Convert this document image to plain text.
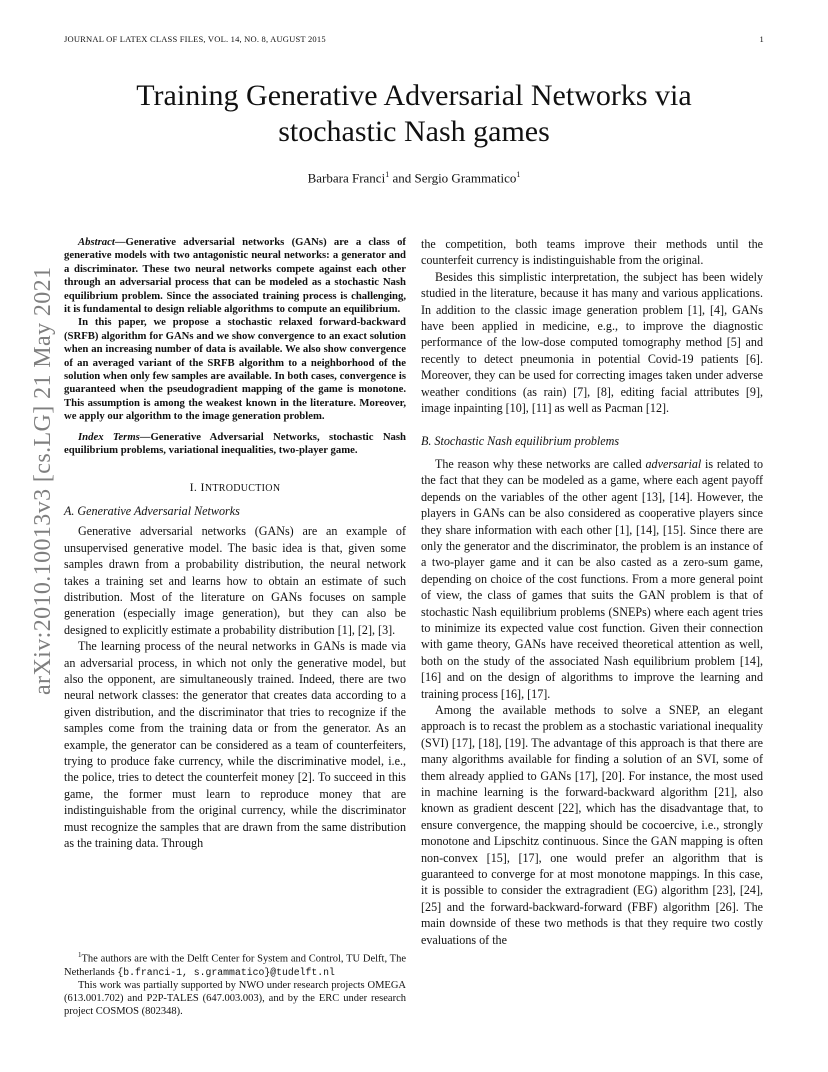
JOURNAL OF LATEX CLASS FILES, VOL. 14, NO. 8, AUGUST 2015	1
arXiv:2010.10013v3 [cs.LG] 21 May 2021
Training Generative Adversarial Networks via
stochastic Nash games
Barbara Franci$^1$ and Sergio Grammatico$^1$

Abstract—Generative adversarial networks (GANs) are a class of generative models with two antagonistic neural networks: a generator and a discriminator. These two neural networks compete against each other through an adversarial process that can be modeled as a stochastic Nash equilibrium problem. Since the associated training process is challenging, it is fundamental to design reliable algorithms to compute an equilibrium.

In this paper, we propose a stochastic relaxed forward-backward (SRFB) algorithm for GANs and we show convergence to an exact solution when an increasing number of data is available. We also show convergence of an averaged variant of the SRFB algorithm to a neighborhood of the solution when only few samples are available. In both cases, convergence is guaranteed when the pseudogradient mapping of the game is monotone. This assumption is among the weakest known in the literature. Moreover, we apply our algorithm to the image generation problem.

Index Terms—Generative Adversarial Networks, stochastic Nash equilibrium problems, variational inequalities, two-player game.

I. INTRODUCTION
A. Generative Adversarial Networks

Generative adversarial networks (GANs) are an example of unsupervised generative model. The basic idea is that, given some samples drawn from a probability distribution, the neural network takes a training set and learns how to obtain an estimate of such distribution. Most of the literature on GANs focuses on sample generation (especially image generation), but they can also be designed to explicitly estimate a probability distribution [1], [2], [3].

The learning process of the neural networks in GANs is made via an adversarial process, in which not only the generative model, but also the opponent, are simultaneously trained. Indeed, there are two neural network classes: the generator that creates data according to a given distribution, and the discriminator that tries to recognize if the samples come from the training data or from the generator. As an example, the generator can be considered as a team of counterfeiters, trying to produce fake currency, while the discriminative model, i.e., the police, tries to detect the counterfeit money [2]. To succeed in this game, the former must learn to reproduce money that are indistinguishable from the original currency, while the discriminator must recognize the samples that are drawn from the same distribution as the training data. Through

$^1$The authors are with the Delft Center for System and Control, TU Delft, The Netherlands {b.franci-1, s.grammatico}@tudelft.nl

This work was partially supported by NWO under research projects OMEGA (613.001.702) and P2P-TALES (647.003.003), and by the ERC under research project COSMOS (802348).

the competition, both teams improve their methods until the counterfeit currency is indistinguishable from the original.

Besides this simplistic interpretation, the subject has been widely studied in the literature, because it has many and various applications. In addition to the classic image generation problem [1], [4], GANs have been applied in medicine, e.g., to improve the diagnostic performance of the low-dose computed tomography method [5] and recently to detect pneumonia in potential Covid-19 patients [6]. Moreover, they can be used for correcting images taken under adverse weather conditions (as rain) [7], [8], editing facial attributes [9], image inpainting [10], [11] as well as Pacman [12].

B. Stochastic Nash equilibrium problems

The reason why these networks are called adversarial is related to the fact that they can be modeled as a game, where each agent payoff depends on the variables of the other agent [13], [14]. However, the players in GANs can be also considered as cooperative players since they share information with each other [1], [14], [15]. Since there are only the generator and the discriminator, the problem is an instance of a two-player game and it can be also casted as a zero-sum game, depending on choice of the cost functions. From a more general point of view, the class of games that suits the GAN problem is that of stochastic Nash equilibrium problems (SNEPs) where each agent tries to minimize its expected value cost function. Given their connection with game theory, GANs have received theoretical attention as well, both on the study of the associated Nash equilibrium problem [14], [16] and on the design of algorithms to improve the learning and training process [16], [17].

Among the available methods to solve a SNEP, an elegant approach is to recast the problem as a stochastic variational inequality (SVI) [17], [18], [19]. The advantage of this approach is that there are many algorithms available for finding a solution of an SVI, some of them already applied to GANs [17], [20]. For instance, the most used in machine learning is the forward-backward algorithm [21], also known as gradient descent [22], which has the disadvantage that, to ensure convergence, the mapping should be cocoercive, i.e., strongly monotone and Lipschitz continuous. Since the GAN mapping is often non-convex [15], [17], one would prefer an algorithm that is guaranteed to converge for at most monotone mappings. In this case, it is possible to consider the extragradient (EG) algorithm [23], [24], [25] and the forward-backward-forward (FBF) algorithm [26]. The main downside of these two methods is that they require two costly evaluations of the
